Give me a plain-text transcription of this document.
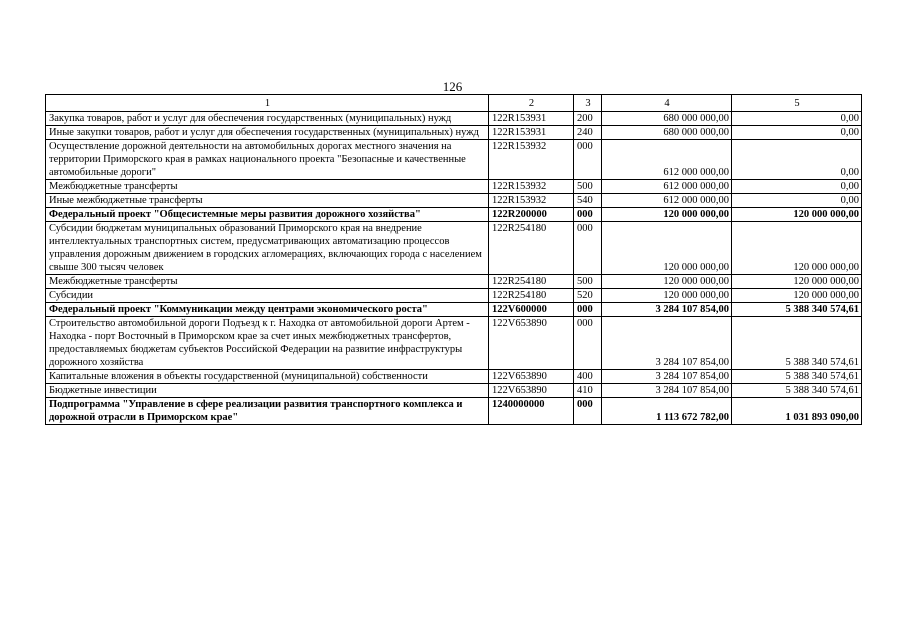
126
1	2	3	4	5
Закупка товаров, работ и услуг для обеспечения государственных (муниципальных) нужд	122R153931	200	680 000 000,00	0,00
Иные закупки товаров, работ и услуг для обеспечения государственных (муниципальных) нужд	122R153931	240	680 000 000,00	0,00
Осуществление дорожной деятельности на автомобильных дорогах местного значения на территории Приморского края в рамках национального проекта "Безопасные и качественные автомобильные дороги"	122R153932	000	612 000 000,00	0,00
Межбюджетные трансферты	122R153932	500	612 000 000,00	0,00
Иные межбюджетные трансферты	122R153932	540	612 000 000,00	0,00
Федеральный проект "Общесистемные меры развития дорожного хозяйства"	122R200000	000	120 000 000,00	120 000 000,00
Субсидии бюджетам муниципальных образований Приморского края на внедрение интеллектуальных транспортных систем, предусматривающих автоматизацию процессов управления дорожным движением в городских агломерациях, включающих города с населением свыше 300 тысяч человек	122R254180	000	120 000 000,00	120 000 000,00
Межбюджетные трансферты	122R254180	500	120 000 000,00	120 000 000,00
Субсидии	122R254180	520	120 000 000,00	120 000 000,00
Федеральный проект "Коммуникации между центрами экономического роста"	122V600000	000	3 284 107 854,00	5 388 340 574,61
Строительство автомобильной дороги Подъезд к г. Находка от автомобильной дороги Артем - Находка - порт Восточный в Приморском крае за счет иных межбюджетных трансфертов, предоставляемых бюджетам субъектов Российской Федерации на развитие инфраструктуры дорожного хозяйства	122V653890	000	3 284 107 854,00	5 388 340 574,61
Капитальные вложения в объекты государственной (муниципальной) собственности	122V653890	400	3 284 107 854,00	5 388 340 574,61
Бюджетные инвестиции	122V653890	410	3 284 107 854,00	5 388 340 574,61
Подпрограмма "Управление в сфере реализации развития транспортного комплекса и дорожной отрасли в Приморском крае"	1240000000	000	1 113 672 782,00	1 031 893 090,00
